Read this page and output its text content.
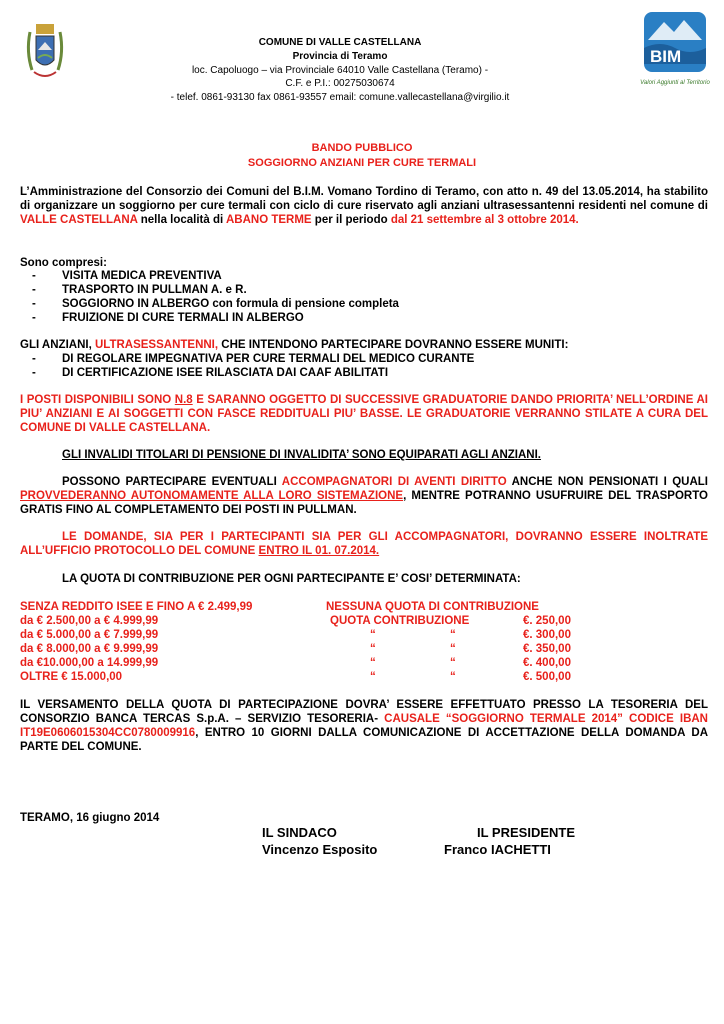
COMUNE DI VALLE CASTELLANA
Provincia di Teramo
loc. Capoluogo – via Provinciale 64010 Valle Castellana (Teramo) -
C.F. e P.I.: 00275030674
- telef. 0861-93130 fax 0861-93557 email: comune.vallecastellana@virgilio.it
BIM
Valori Aggiunti al Territorio
BANDO PUBBLICO
SOGGIORNO ANZIANI PER CURE TERMALI
L’Amministrazione del Consorzio dei Comuni del B.I.M. Vomano Tordino di Teramo, con atto n. 49 del 13.05.2014, ha stabilito di organizzare un soggiorno per cure termali con ciclo di cure riservato agli anziani ultrasessantenni residenti nel comune di VALLE CASTELLANA nella località di ABANO TERME per il periodo dal 21 settembre al 3 ottobre 2014.
Sono compresi:
- VISITA MEDICA PREVENTIVA
- TRASPORTO IN PULLMAN A. e R.
- SOGGIORNO IN ALBERGO con formula di pensione completa
- FRUIZIONE DI CURE TERMALI IN ALBERGO
GLI ANZIANI, ULTRASESSANTENNI, CHE INTENDONO PARTECIPARE DOVRANNO ESSERE MUNITI:
- DI REGOLARE IMPEGNATIVA PER CURE TERMALI DEL MEDICO CURANTE
- DI CERTIFICAZIONE ISEE RILASCIATA DAI CAAF ABILITATI
I POSTI DISPONIBILI SONO N.8 E SARANNO OGGETTO DI SUCCESSIVE GRADUATORIE DANDO PRIORITA’ NELL’ORDINE AI PIU’ ANZIANI E AI SOGGETTI CON FASCE REDDITUALI PIU’ BASSE. LE GRADUATORIE VERRANNO STILATE A CURA DEL COMUNE DI VALLE CASTELLANA.
GLI INVALIDI TITOLARI DI PENSIONE DI INVALIDITA’ SONO EQUIPARATI AGLI ANZIANI.
POSSONO PARTECIPARE EVENTUALI ACCOMPAGNATORI DI AVENTI DIRITTO ANCHE NON PENSIONATI I QUALI PROVVEDERANNO AUTONOMAMENTE ALLA LORO SISTEMAZIONE, MENTRE POTRANNO USUFRUIRE DEL TRASPORTO GRATIS FINO AL COMPLETAMENTO DEI POSTI IN PULLMAN.
LE DOMANDE, SIA PER I PARTECIPANTI SIA PER GLI ACCOMPAGNATORI, DOVRANNO ESSERE INOLTRATE ALL’UFFICIO PROTOCOLLO DEL COMUNE ENTRO IL 01. 07.2014.
LA QUOTA DI CONTRIBUZIONE PER OGNI PARTECIPANTE E’ COSI’ DETERMINATA:
SENZA REDDITO ISEE E FINO A € 2.499,99	NESSUNA QUOTA DI CONTRIBUZIONE
da € 2.500,00 a € 4.999,99	QUOTA CONTRIBUZIONE	€. 250,00
da € 5.000,00 a € 7.999,99	“	“	€. 300,00
da € 8.000,00 a € 9.999,99	“	“	€. 350,00
da €10.000,00 a 14.999,99	“	“	€. 400,00
OLTRE € 15.000,00	“	“	€. 500,00
IL VERSAMENTO DELLA QUOTA DI PARTECIPAZIONE DOVRA’ ESSERE EFFETTUATO PRESSO LA TESORERIA DEL CONSORZIO BANCA TERCAS S.p.A. – SERVIZIO TESORERIA- CAUSALE “SOGGIORNO TERMALE 2014” CODICE IBAN IT19E0606015304CC0780009916, ENTRO 10 GIORNI DALLA COMUNICAZIONE DI ACCETTAZIONE DELLA DOMANDA DA PARTE DEL COMUNE.
TERAMO, 16 giugno 2014
IL SINDACO
Vincenzo Esposito
IL PRESIDENTE
Franco IACHETTI
